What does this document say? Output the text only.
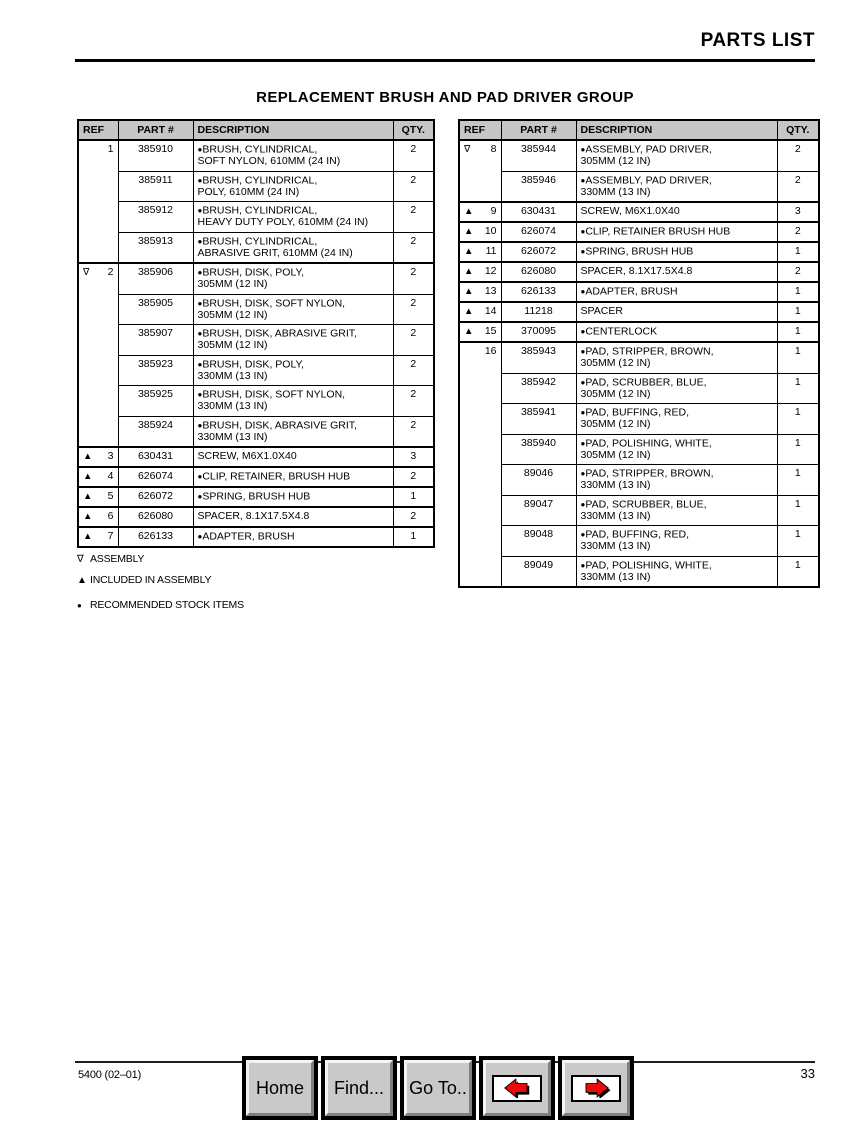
PARTS LIST
REPLACEMENT BRUSH AND PAD DRIVER GROUP
REF	PART #	DESCRIPTION	QTY.

1	385910	●BRUSH, CYLINDRICAL,
SOFT NYLON, 610MM (24 IN)	2
	385911	●BRUSH, CYLINDRICAL,
POLY, 610MM (24 IN)	2
	385912	●BRUSH, CYLINDRICAL,
HEAVY DUTY POLY, 610MM (24 IN)	2
	385913	●BRUSH, CYLINDRICAL,
ABRASIVE GRIT, 610MM (24 IN)	2

∇ 2	385906	●BRUSH, DISK, POLY,
305MM (12 IN)
	2
	385905	●BRUSH, DISK, SOFT NYLON,
305MM (12 IN)	2
	385907	●BRUSH, DISK, ABRASIVE GRIT,
305MM (12 IN)	2
	385923	●BRUSH, DISK, POLY,
330MM (13 IN)	2
	385925	●BRUSH, DISK, SOFT NYLON,
330MM (13 IN)	2
	385924	●BRUSH, DISK, ABRASIVE GRIT,
330MM (13 IN)	2

▲ 3	630431	SCREW, M6X1.0X40	3

▲ 4	626074	●CLIP, RETAINER, BRUSH HUB	2

▲ 5	626072	●SPRING, BRUSH HUB	1

▲ 6	626080	SPACER, 8.1X17.5X4.8	2

▲ 7	626133	●ADAPTER, BRUSH	1
REF	PART #	DESCRIPTION	QTY.

∇ 8	385944	●ASSEMBLY, PAD DRIVER,
305MM (12 IN)
	2
	385946	●ASSEMBLY, PAD DRIVER,
330MM (13 IN)	2

▲ 9	630431	SCREW, M6X1.0X40	3

▲ 10	626074	●CLIP, RETAINER BRUSH HUB	2

▲ 11	626072	●SPRING, BRUSH HUB	1

▲ 12	626080	SPACER, 8.1X17.5X4.8	2

▲ 13	626133	●ADAPTER, BRUSH	1

▲ 14	11218	SPACER	1

▲ 15	370095	●CENTERLOCK	1

16	385943	●PAD, STRIPPER, BROWN,
305MM (12 IN)	1
	385942	●PAD, SCRUBBER, BLUE,
305MM (12 IN)	1
	385941	●PAD, BUFFING, RED,
305MM (12 IN)	1
	385940	●PAD, POLISHING, WHITE,
305MM (12 IN)	1
	89046	●PAD, STRIPPER, BROWN,
330MM (13 IN)	1
	89047	●PAD, SCRUBBER, BLUE,
330MM (13 IN)	1
	89048	●PAD, BUFFING, RED,
330MM (13 IN)	1
	89049	●PAD, POLISHING, WHITE,
330MM (13 IN)	1
∇ ASSEMBLY
▲ INCLUDED IN ASSEMBLY
● RECOMMENDED STOCK ITEMS
5400 (02–01)	33
Home	Find...	Go To..
